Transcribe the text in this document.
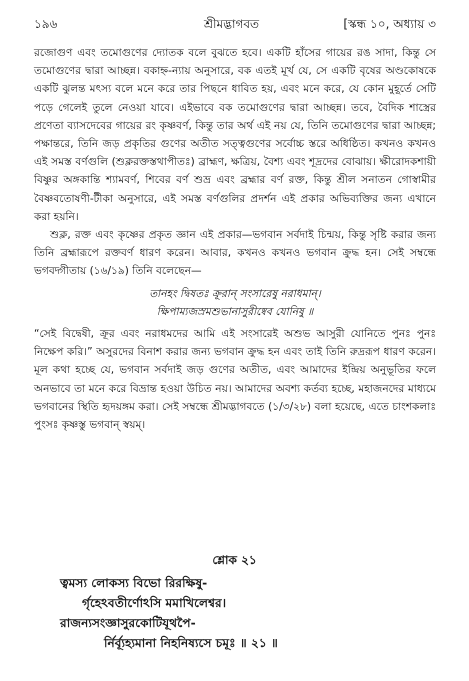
১৯৬	শ্রীমদ্ভাগবত	[স্কন্ধ ১০, অধ্যায় ৩

রজোগুণ এবং তমোগুণের দ্যোতক বলে বুঝতে হবে। একটি হাঁসের গায়ের রঙ সাদা, কিন্তু সে তমোগুণের দ্বারা আচ্ছন্ন। বকাহ্ন-ন্যায় অনুসারে, বক এতই মূর্খ যে, সে একটি বৃষের অণ্ডকোষকে একটি ঝুলন্ত মৎস্য বলে মনে করে তার পিছনে ধাবিত হয়, এবং মনে করে, যে কোন মুহূর্তে সেটি পড়ে গেলেই তুলে নেওয়া যাবে। এইভাবে বক তমোগুণের দ্বারা আচ্ছন্ন। তবে, বৈদিক শাস্ত্রের প্রণেতা ব্যাসদেবের গায়ের রং কৃষ্ণবর্ণ, কিন্তু তার অর্থ এই নয় যে, তিনি তমোগুণের দ্বারা আচ্ছন্ন; পক্ষান্তরে, তিনি জড় প্রকৃতির গুণের অতীত সত্ত্বগুণের সর্বোচ্চ স্তরে অধিষ্ঠিত। কখনও কখনও এই সমস্ত বর্ণগুলি (শুক্লরক্তস্তথাপীতঃ) ব্রাহ্মণ, ক্ষত্রিয়, বৈশ্য এবং শূদ্রদের বোঝায়। ক্ষীরোদকশায়ী বিষ্ণুর অঙ্গকান্তি শ্যামবর্ণ, শিবের বর্ণ শুভ্র এবং ব্রহ্মার বর্ণ রক্ত, কিন্তু শ্রীল সনাতন গোস্বামীর বৈষ্ণবতোষণী-টীকা অনুসারে, এই সমস্ত বর্ণগুলির প্রদর্শন এই প্রকার অভিব্যক্তির জন্য এখানে করা হয়নি।

শুক্ল, রক্ত এবং কৃষ্ণের প্রকৃত জ্ঞান এই প্রকার—ভগবান সর্বদাই চিন্ময়, কিন্তু সৃষ্টি করার জন্য তিনি ব্রহ্মারূপে রক্তবর্ণ ধারণ করেন। আবার, কখনও কখনও ভগবান ক্রুদ্ধ হন। সেই সম্বন্ধে ভগবদ্গীতায় (১৬/১৯) তিনি বলেছেন—

তানহং দ্বিষতঃ ক্রূরান্ সংসারেষু নরাধমান্।

ক্ষিপাম্যজস্রমশুভানাসুরীষ্বেব যোনিষু ॥

“সেই বিদ্বেষী, ক্রূর এবং নরাধমদের আমি এই সংসারেই অশুভ আসুরী যোনিতে পুনঃ পুনঃ নিক্ষেপ করি।” অসুরদের বিনাশ করার জন্য ভগবান ক্রুদ্ধ হন এবং তাই তিনি রুদ্ররূপ ধারণ করেন। মূল কথা হচ্ছে যে, ভগবান সর্বদাই জড় গুণের অতীত, এবং আমাদের ইন্দ্রিয় অনুভূতির ফলে অনভাবে তা মনে করে বিভ্রান্ত হওয়া উচিত নয়। আমাদের অবশ্য কর্তব্য হচ্ছে, মহাজনদের মাধ্যমে ভগবানের স্থিতি হৃদয়ঙ্গম করা। সেই সম্বন্ধে শ্রীমদ্ভাগবতে (১/৩/২৮) বলা হয়েছে, এতে চাংশকলাঃ পুংসঃ কৃষ্ণস্তু ভগবান্ স্বয়ম্।

শ্লোক ২১
ত্বমস্য লোকস্য বিভো রিরক্ষিষু-
র্গৃহেঽবতীর্ণোঽসি মমাখিলেশ্বর।
রাজন্যসংজ্ঞাসুরকোটিযূথপৈ-
র্নির্ব্যূহ্যমানা নিহনিষ্যসে চমূঃ ॥ ২১ ॥
